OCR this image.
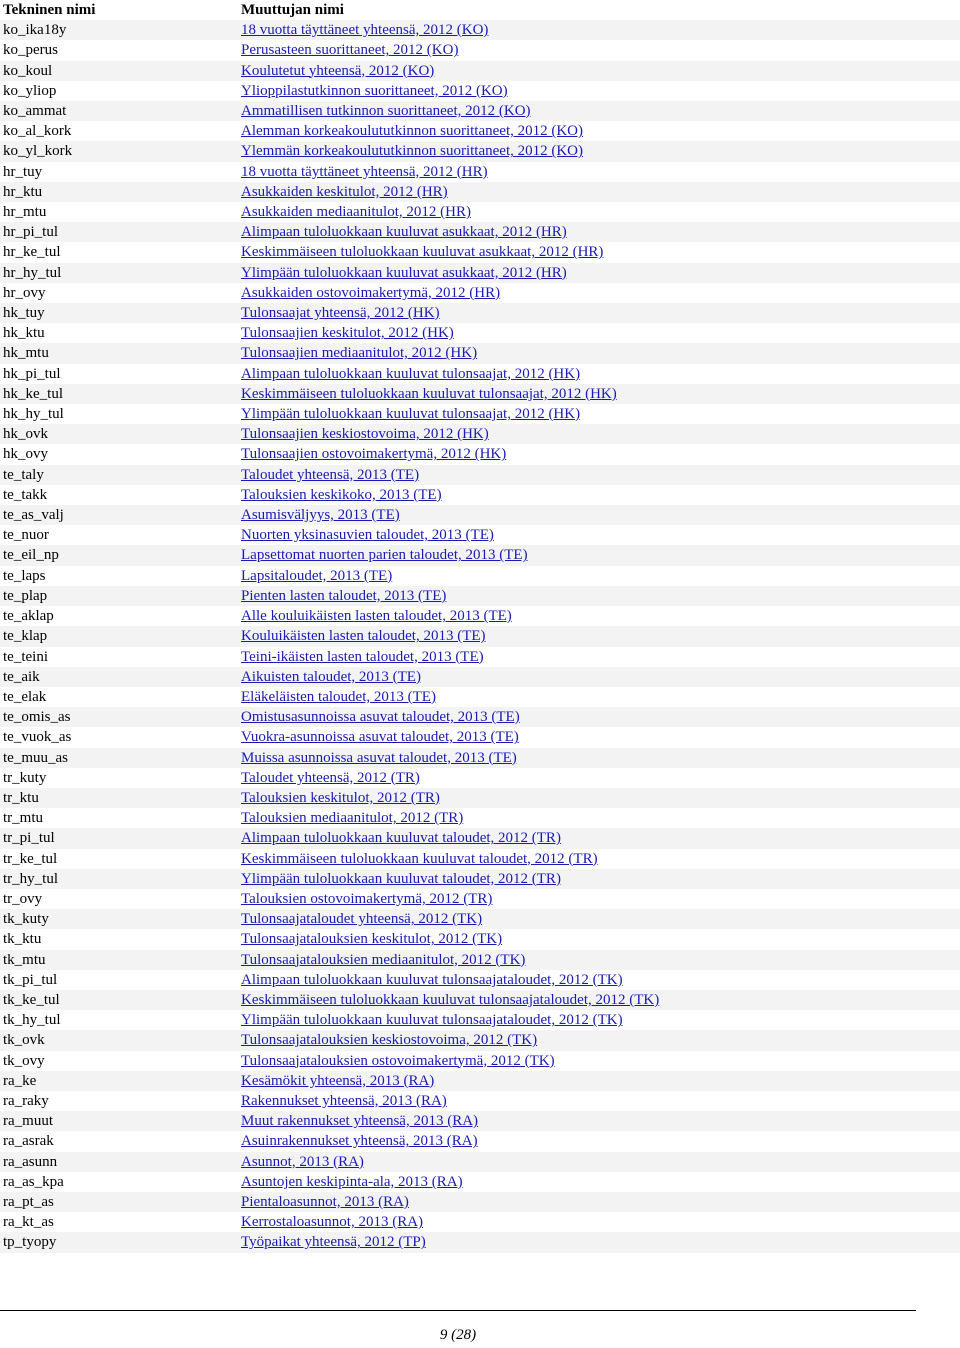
Tekninen nimi	Muuttujan nimi
ko_ika18y	18 vuotta täyttäneet yhteensä, 2012 (KO)
ko_perus	Perusasteen suorittaneet, 2012 (KO)
ko_koul	Koulutetut yhteensä, 2012 (KO)
ko_yliop	Ylioppilastutkinnon suorittaneet, 2012 (KO)
ko_ammat	Ammatillisen tutkinnon suorittaneet, 2012 (KO)
ko_al_kork	Alemman korkeakoulututkinnon suorittaneet, 2012 (KO)
ko_yl_kork	Ylemmän korkeakoulututkinnon suorittaneet, 2012 (KO)
hr_tuy	18 vuotta täyttäneet yhteensä, 2012 (HR)
hr_ktu	Asukkaiden keskitulot, 2012 (HR)
hr_mtu	Asukkaiden mediaanitulot, 2012 (HR)
hr_pi_tul	Alimpaan tuloluokkaan kuuluvat asukkaat, 2012 (HR)
hr_ke_tul	Keskimmäiseen tuloluokkaan kuuluvat asukkaat, 2012 (HR)
hr_hy_tul	Ylimpään tuloluokkaan kuuluvat asukkaat, 2012 (HR)
hr_ovy	Asukkaiden ostovoimakertymä, 2012 (HR)
hk_tuy	Tulonsaajat yhteensä, 2012 (HK)
hk_ktu	Tulonsaajien keskitulot, 2012 (HK)
hk_mtu	Tulonsaajien mediaanitulot, 2012 (HK)
hk_pi_tul	Alimpaan tuloluokkaan kuuluvat tulonsaajat, 2012 (HK)
hk_ke_tul	Keskimmäiseen tuloluokkaan kuuluvat tulonsaajat, 2012 (HK)
hk_hy_tul	Ylimpään tuloluokkaan kuuluvat tulonsaajat, 2012 (HK)
hk_ovk	Tulonsaajien keskiostovoima, 2012 (HK)
hk_ovy	Tulonsaajien ostovoimakertymä, 2012 (HK)
te_taly	Taloudet yhteensä, 2013 (TE)
te_takk	Talouksien keskikoko, 2013 (TE)
te_as_valj	Asumisväljyys, 2013 (TE)
te_nuor	Nuorten yksinasuvien taloudet, 2013 (TE)
te_eil_np	Lapsettomat nuorten parien taloudet, 2013 (TE)
te_laps	Lapsitaloudet, 2013 (TE)
te_plap	Pienten lasten taloudet, 2013 (TE)
te_aklap	Alle kouluikäisten lasten taloudet, 2013 (TE)
te_klap	Kouluikäisten lasten taloudet, 2013 (TE)
te_teini	Teini-ikäisten lasten taloudet, 2013 (TE)
te_aik	Aikuisten taloudet, 2013 (TE)
te_elak	Eläkeläisten taloudet, 2013 (TE)
te_omis_as	Omistusasunnoissa asuvat taloudet, 2013 (TE)
te_vuok_as	Vuokra-asunnoissa asuvat taloudet, 2013 (TE)
te_muu_as	Muissa asunnoissa asuvat taloudet, 2013 (TE)
tr_kuty	Taloudet yhteensä, 2012 (TR)
tr_ktu	Talouksien keskitulot, 2012 (TR)
tr_mtu	Talouksien mediaanitulot, 2012 (TR)
tr_pi_tul	Alimpaan tuloluokkaan kuuluvat taloudet, 2012 (TR)
tr_ke_tul	Keskimmäiseen tuloluokkaan kuuluvat taloudet, 2012 (TR)
tr_hy_tul	Ylimpään tuloluokkaan kuuluvat taloudet, 2012 (TR)
tr_ovy	Talouksien ostovoimakertymä, 2012 (TR)
tk_kuty	Tulonsaajataloudet yhteensä, 2012 (TK)
tk_ktu	Tulonsaajatalouksien keskitulot, 2012 (TK)
tk_mtu	Tulonsaajatalouksien mediaanitulot, 2012 (TK)
tk_pi_tul	Alimpaan tuloluokkaan kuuluvat tulonsaajataloudet, 2012 (TK)
tk_ke_tul	Keskimmäiseen tuloluokkaan kuuluvat tulonsaajataloudet, 2012 (TK)
tk_hy_tul	Ylimpään tuloluokkaan kuuluvat tulonsaajataloudet, 2012 (TK)
tk_ovk	Tulonsaajatalouksien keskiostovoima, 2012 (TK)
tk_ovy	Tulonsaajatalouksien ostovoimakertymä, 2012 (TK)
ra_ke	Kesämökit yhteensä, 2013 (RA)
ra_raky	Rakennukset yhteensä, 2013 (RA)
ra_muut	Muut rakennukset yhteensä, 2013 (RA)
ra_asrak	Asuinrakennukset yhteensä, 2013 (RA)
ra_asunn	Asunnot, 2013 (RA)
ra_as_kpa	Asuntojen keskipinta-ala, 2013 (RA)
ra_pt_as	Pientaloasunnot, 2013 (RA)
ra_kt_as	Kerrostaloasunnot, 2013 (RA)
tp_tyopy	Työpaikat yhteensä, 2012 (TP)
9 (28)
